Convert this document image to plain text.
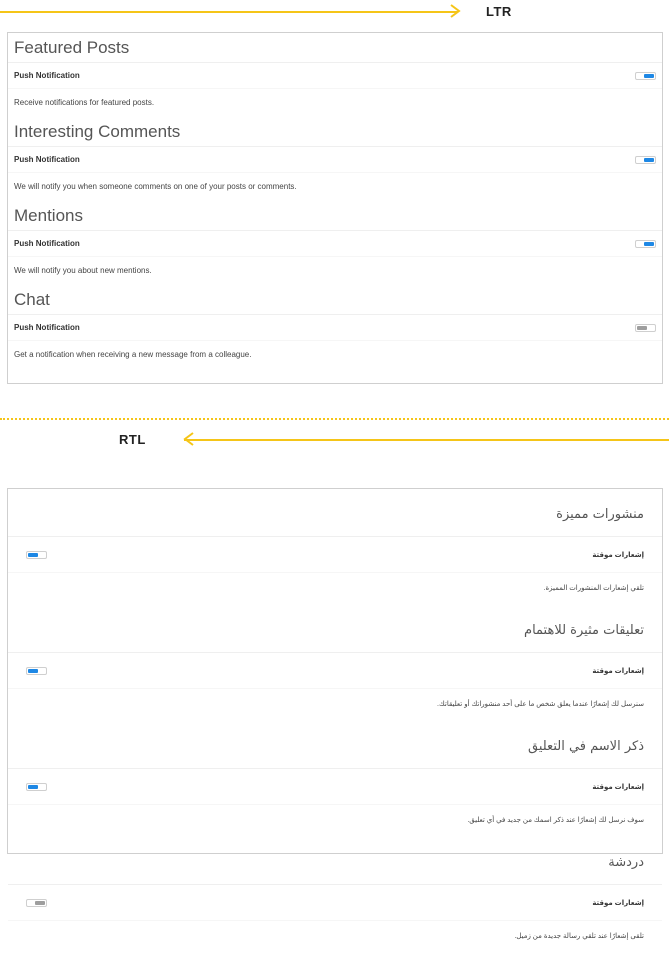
LTR
Featured Posts
Push Notification
Receive notifications for featured posts.
Interesting Comments
Push Notification
We will notify you when someone comments on one of your posts or comments.
Mentions
Push Notification
We will notify you about new mentions.
Chat
Push Notification
Get a notification when receiving a new message from a colleague.
RTL
منشورات مميزة
إشعارات موقتة
تلقي إشعارات المنشورات المميزة.
تعليقات مثيرة للاهتمام
إشعارات موقتة
سنرسل لك إشعارًا عندما يعلق شخص ما على أحد منشوراتك أو تعليقاتك.
ذكر الاسم في التعليق
إشعارات موقتة
سوف نرسل لك إشعارًا عند ذكر اسمك من جديد في أي تعليق.
دردشة
إشعارات موقتة
تلقى إشعارًا عند تلقي رسالة جديدة من زميل.
